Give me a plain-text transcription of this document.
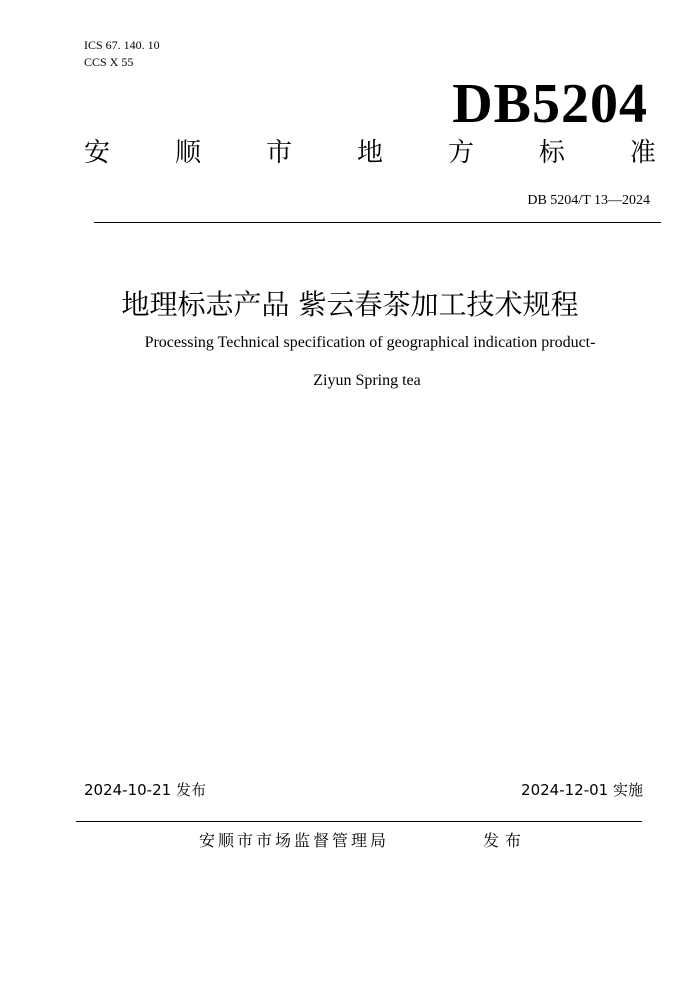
ICS 67. 140. 10
CCS X 55
DB5204
安 顺 市 地 方 标 准
DB 5204/T 13—2024
地理标志产品 紫云春茶加工技术规程
Processing Technical specification of geographical indication product-
Ziyun Spring tea
2024-10-21 发布	2024-12-01 实施
安顺市市场监督管理局	发布
